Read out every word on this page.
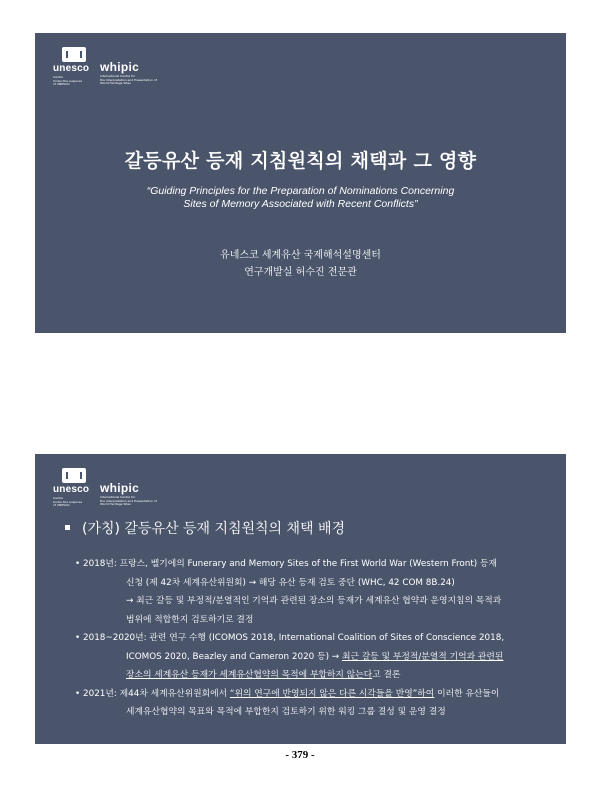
unesco
Centre
Under the auspices
of UNESCO
whipic
International Centre for
the Interpretation and Presentation of
World Heritage Sites
갈등유산 등재 지침원칙의 채택과 그 영향
“Guiding Principles for the Preparation of Nominations Concerning
Sites of Memory Associated with Recent Conflicts”
유네스코 세계유산 국제해석설명센터
연구개발실 허수진 전문관
unesco
Centre
Under the auspices
of UNESCO
whipic
International Centre for
the Interpretation and Presentation of
World Heritage Sites
(가칭) 갈등유산 등재 지침원칙의 채택 배경
• 2018년: 프랑스, 벨기에의 Funerary and Memory Sites of the First World War (Western Front) 등재
신청 (제 42차 세계유산위원회) → 해당 유산 등재 검토 중단 (WHC, 42 COM 8B.24)
→ 최근 갈등 및 부정적/분열적인 기억과 관련된 장소의 등재가 세계유산 협약과 운영지침의 목적과
범위에 적합한지 검토하기로 결정
• 2018~2020년: 관련 연구 수행 (ICOMOS 2018, International Coalition of Sites of Conscience 2018,
ICOMOS 2020, Beazley and Cameron 2020 등) → 최근 갈등 및 부정적/분열적 기억과 관련된
장소의 세계유산 등재가 세계유산협약의 목적에 부합하지 않는다고 결론
• 2021년: 제44차 세계유산위원회에서 “위의 연구에 반영되지 않은 다른 시각들을 반영”하여 이러한 유산들이
세계유산협약의 목표와 목적에 부합한지 검토하기 위한 워킹 그룹 결성 및 운영 결정
- 379 -
